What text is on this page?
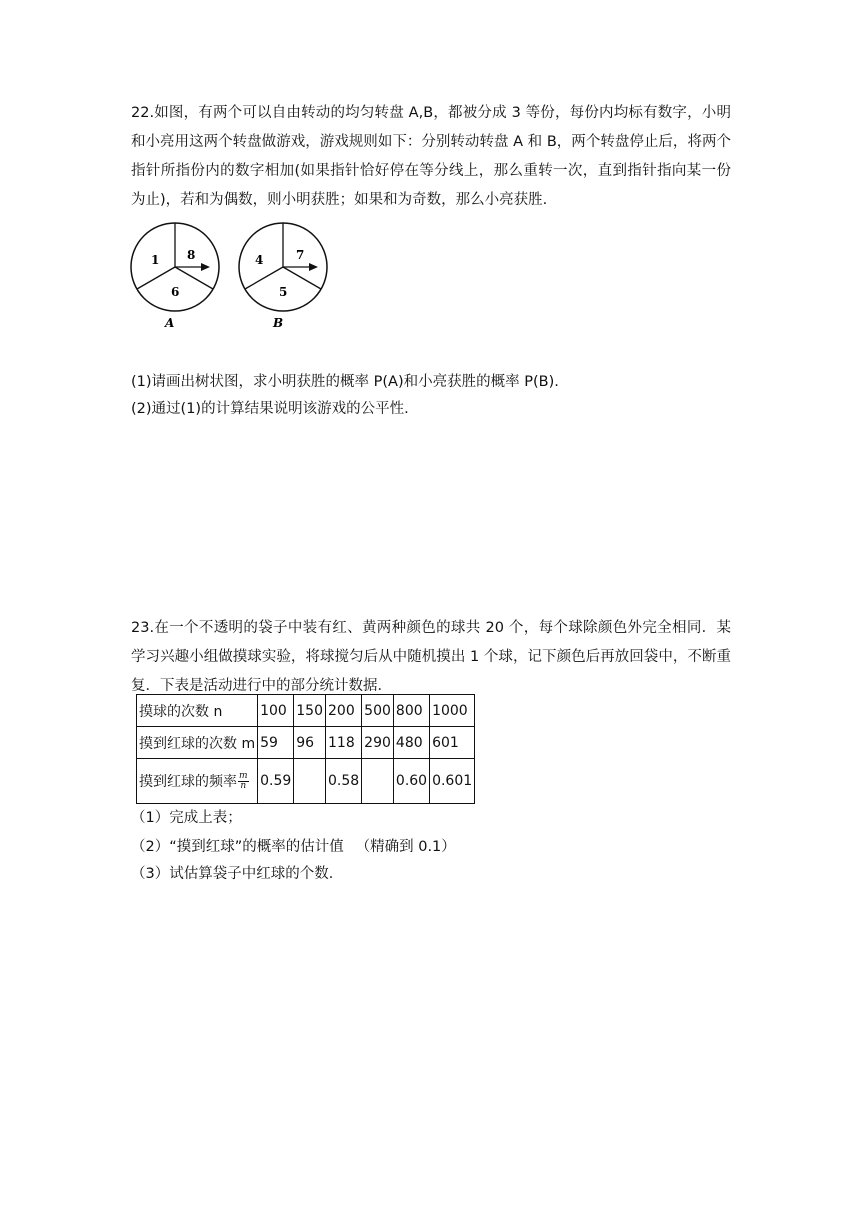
22.如图，有两个可以自由转动的均匀转盘 A,B，都被分成 3 等份，每份内均标有数字，小明和小亮用这两个转盘做游戏，游戏规则如下：分别转动转盘 A 和 B，两个转盘停止后，将两个指针所指份内的数字相加(如果指针恰好停在等分线上，那么重转一次，直到指针指向某一份为止)，若和为偶数，则小明获胜；如果和为奇数，那么小亮获胜.

1 8
6
A
4	7
5
B

(1)请画出树状图，求小明获胜的概率 P(A)和小亮获胜的概率 P(B).

(2)通过(1)的计算结果说明该游戏的公平性.

23.在一个不透明的袋子中装有红、黄两种颜色的球共 20 个，每个球除颜色外完全相同．某学习兴趣小组做摸球实验，将球搅匀后从中随机摸出 1 个球，记下颜色后再放回袋中，不断重复．下表是活动进行中的部分统计数据．

摸球的次数 n	100	150	200	500	800	1000
摸到红球的次数 m	59	96	118	290	480	601
摸到红球的频率 $\frac{m}{n}$	0.59		0.58		0.60	0.601

（1）完成上表；

（2）“摸到红球”的概率的估计值 　（精确到 0.1）

（3）试估算袋子中红球的个数．
